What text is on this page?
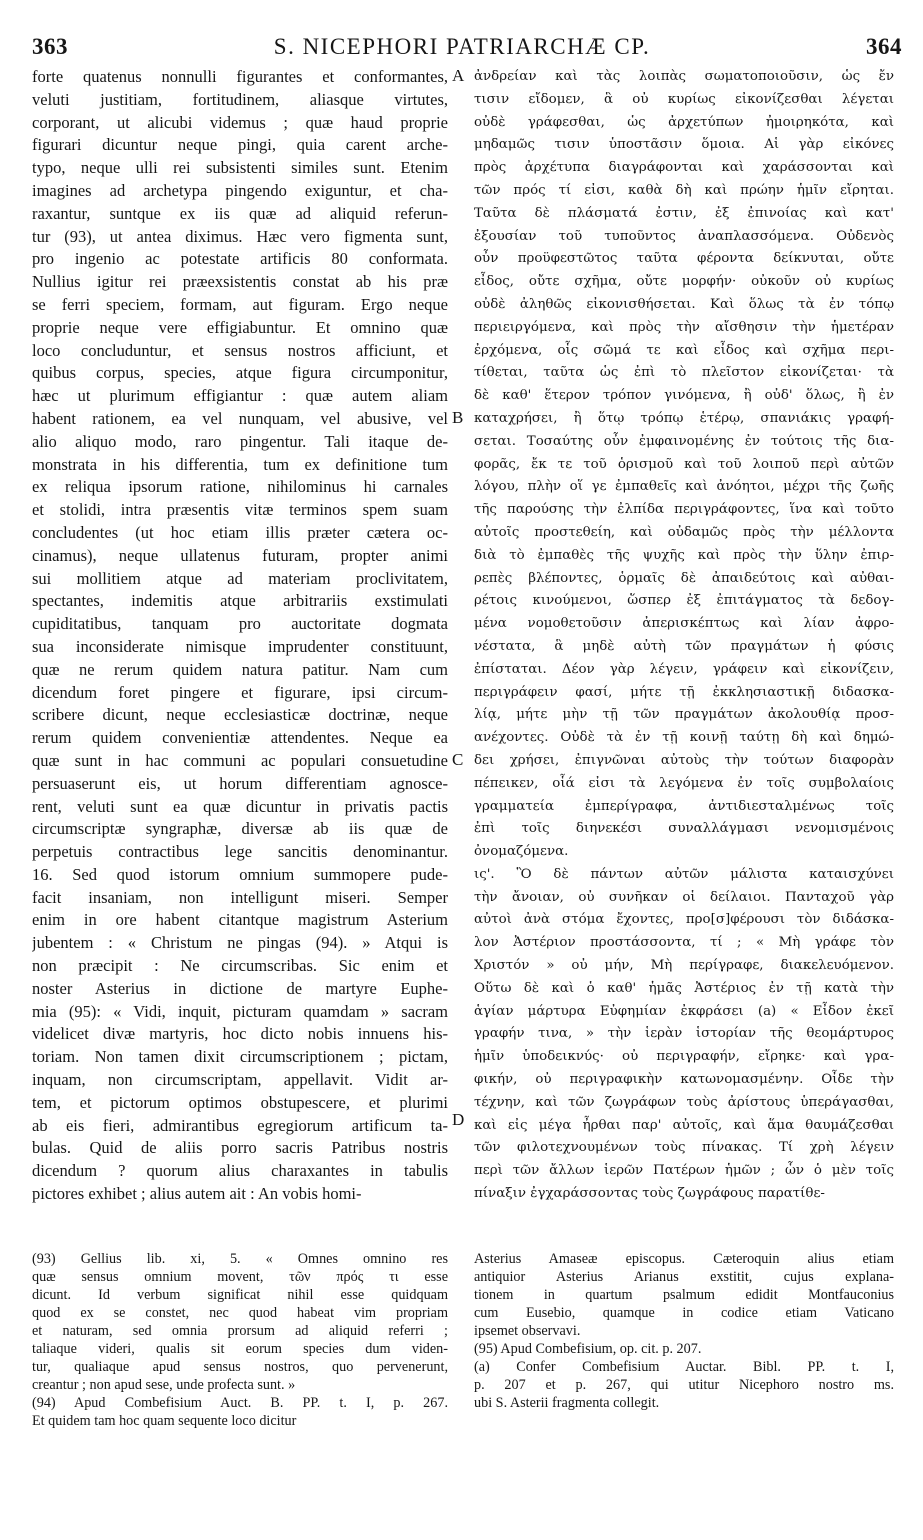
363	S. NICEPHORI PATRIARCHÆ CP.	364
forte quatenus nonnulli figurantes et conformantes,
veluti justitiam, fortitudinem, aliasque virtutes,
corporant, ut alicubi videmus ; quæ haud proprie
figurari dicuntur neque pingi, quia carent arche-
typo, neque ulli rei subsistenti similes sunt. Etenim
imagines ad archetypa pingendo exiguntur, et cha-
raxantur, suntque ex iis quæ ad aliquid referun-
tur (93), ut antea diximus. Hæc vero figmenta sunt,
pro ingenio ac potestate artificis 80 conformata.
Nullius igitur rei præexsistentis constat ab his præ
se ferri speciem, formam, aut figuram. Ergo neque
proprie neque vere effigiabuntur. Et omnino quæ
loco concluduntur, et sensus nostros afficiunt, et
quibus corpus, species, atque figura circumponitur,
hæc ut plurimum effigiantur : quæ autem aliam
habent rationem, ea vel nunquam, vel abusive, vel
alio aliquo modo, raro pingentur. Tali itaque de-
monstrata in his differentia, tum ex definitione tum
ex reliqua ipsorum ratione, nihilominus hi carnales
et stolidi, intra præsentis vitæ terminos spem suam
concludentes (ut hoc etiam illis præter cætera oc-
cinamus), neque ullatenus futuram, propter animi
sui mollitiem atque ad materiam proclivitatem,
spectantes, indemitis atque arbitrariis exstimulati
cupiditatibus, tanquam pro auctoritate dogmata
sua inconsiderate nimisque imprudenter constituunt,
quæ ne rerum quidem natura patitur. Nam cum
dicendum foret pingere et figurare, ipsi circum-
scribere dicunt, neque ecclesiasticæ doctrinæ, neque
rerum quidem convenientiæ attendentes. Neque ea
quæ sunt in hac communi ac populari consuetudine
persuaserunt eis, ut horum differentiam agnosce-
rent, veluti sunt ea quæ dicuntur in privatis pactis
circumscriptæ syngraphæ, diversæ ab iis quæ de
perpetuis contractibus lege sancitis denominantur.
16. Sed quod istorum omnium summopere pude-
facit insaniam, non intelligunt miseri. Semper
enim in ore habent citantque magistrum Asterium
jubentem : « Christum ne pingas (94). » Atqui is
non præcipit : Ne circumscribas. Sic enim et
noster Asterius in dictione de martyre Euphe-
mia (95): « Vidi, inquit, picturam quamdam » sacram
videlicet divæ martyris, hoc dicto nobis innuens his-
toriam. Non tamen dixit circumscriptionem ; pictam,
inquam, non circumscriptam, appellavit. Vidit ar-
tem, et pictorum optimos obstupescere, et plurimi
ab eis fieri, admirantibus egregiorum artificum ta-
bulas. Quid de aliis porro sacris Patribus nostris
dicendum ? quorum alius charaxantes in tabulis
pictores exhibet ; alius autem ait : An vobis homi-
ἀνδρείαν καὶ τὰς λοιπὰς σωματοποιοῦσιν, ὡς ἔν
τισιν εἴδομεν, ἃ οὐ κυρίως εἰκονίζεσθαι λέγεται
οὐδὲ γράφεσθαι, ὡς ἀρχετύπων ἠμοιρηκότα, καὶ
μηδαμῶς τισιν ὑποστᾶσιν ὅμοια. Αἱ γὰρ εἰκόνες
πρὸς ἀρχέτυπα διαγράφονται καὶ χαράσσονται καὶ
τῶν πρός τί εἰσι, καθὰ δὴ καὶ πρώην ἡμῖν εἴρηται.
Ταῦτα δὲ πλάσματά ἐστιν, ἐξ ἐπινοίας καὶ κατ'
ἐξουσίαν τοῦ τυποῦντος ἀναπλασσόμενα. Οὐδενὸς
οὖν προϋφεστῶτος ταῦτα φέροντα δείκνυται, οὔτε
εἶδος, οὔτε σχῆμα, οὔτε μορφήν· οὐκοῦν οὐ κυρίως
οὐδὲ ἀληθῶς εἰκονισθήσεται. Καὶ ὅλως τὰ ἐν τόπῳ
περιειργόμενα, καὶ πρὸς τὴν αἴσθησιν τὴν ἡμετέραν
ἐρχόμενα, οἷς σῶμά τε καὶ εἶδος καὶ σχῆμα περι-
τίθεται, ταῦτα ὡς ἐπὶ τὸ πλεῖστον εἰκονίζεται· τὰ
δὲ καθ' ἕτερον τρόπον γινόμενα, ἢ οὐδ' ὅλως, ἢ ἐν
καταχρήσει, ἢ ὅτῳ τρόπῳ ἑτέρῳ, σπανιάκις γραφή-
σεται. Τοσαύτης οὖν ἐμφαινομένης ἐν τούτοις τῆς δια-
φορᾶς, ἔκ τε τοῦ ὁρισμοῦ καὶ τοῦ λοιποῦ περὶ αὐτῶν
λόγου, πλὴν οἵ γε ἐμπαθεῖς καὶ ἀνόητοι, μέχρι τῆς ζωῆς
τῆς παρούσης τὴν ἐλπίδα περιγράφοντες, ἵνα καὶ τοῦτο
αὐτοῖς προστεθείη, καὶ οὐδαμῶς πρὸς τὴν μέλλοντα
διὰ τὸ ἐμπαθὲς τῆς ψυχῆς καὶ πρὸς τὴν ὕλην ἐπιρ-
ρεπὲς βλέποντες, ὁρμαῖς δὲ ἀπαιδεύτοις καὶ αὐθαι-
ρέτοις κινούμενοι, ὥσπερ ἐξ ἐπιτάγματος τὰ δεδογ-
μένα νομοθετοῦσιν ἀπερισκέπτως καὶ λίαν ἀφρο-
νέστατα, ἃ μηδὲ αὐτὴ τῶν πραγμάτων ἡ φύσις
ἐπίσταται. Δέον γὰρ λέγειν, γράφειν καὶ εἰκονίζειν,
περιγράφειν φασί, μήτε τῇ ἐκκλησιαστικῇ διδασκα-
λίᾳ, μήτε μὴν τῇ τῶν πραγμάτων ἀκολουθίᾳ προσ-
ανέχοντες. Οὐδὲ τὰ ἐν τῇ κοινῇ ταύτῃ δὴ καὶ δημώ-
δει χρήσει, ἐπιγνῶναι αὐτοὺς τὴν τούτων διαφορὰν
πέπεικεν, οἷά εἰσι τὰ λεγόμενα ἐν τοῖς συμβολαίοις
γραμματεία ἐμπερίγραφα, ἀντιδιεσταλμένως τοῖς
ἐπὶ τοῖς διηνεκέσι συναλλάγμασι νενομισμένοις
ὀνομαζόμενα.
ις'. Ὃ δὲ πάντων αὐτῶν μάλιστα καταισχύνει
τὴν ἄνοιαν, οὐ συνῆκαν οἱ δείλαιοι. Πανταχοῦ γὰρ
αὐτοὶ ἀνὰ στόμα ἔχοντες, προ[σ]φέρουσι τὸν διδάσκα-
λον Ἀστέριον προστάσσοντα, τί ; « Μὴ γράφε τὸν
Χριστόν » οὐ μήν, Μὴ περίγραφε, διακελευόμενον.
Οὕτω δὲ καὶ ὁ καθ' ἡμᾶς Ἀστέριος ἐν τῇ κατὰ τὴν
ἁγίαν μάρτυρα Εὐφημίαν ἐκφράσει (a) « Εἶδον ἐκεῖ
γραφήν τινα, » τὴν ἱερὰν ἱστορίαν τῆς θεομάρτυρος
ἡμῖν ὑποδεικνύς· οὐ περιγραφήν, εἴρηκε· καὶ γρα-
φικήν, οὐ περιγραφικὴν κατωνομασμένην. Οἶδε τὴν
τέχνην, καὶ τῶν ζωγράφων τοὺς ἀρίστους ὑπεράγασθαι,
καὶ εἰς μέγα ἦρθαι παρ' αὐτοῖς, καὶ ἅμα θαυμάζεσθαι
τῶν φιλοτεχνουμένων τοὺς πίνακας. Τί χρὴ λέγειν
περὶ τῶν ἄλλων ἱερῶν Πατέρων ἡμῶν ; ὧν ὁ μὲν τοῖς
πίναξιν ἐγχαράσσοντας τοὺς ζωγράφους παρατίθε-
A
B
C
D
(93) Gellius lib. xi, 5. « Omnes omnino res
quæ sensus omnium movent, τῶν πρός τι esse
dicunt. Id verbum significat nihil esse quidquam
quod ex se constet, nec quod habeat vim propriam
et naturam, sed omnia prorsum ad aliquid referri ;
taliaque videri, qualis sit eorum species dum viden-
tur, qualiaque apud sensus nostros, quo pervenerunt,
creantur ; non apud sese, unde profecta sunt. »
(94) Apud Combefisium Auct. B. PP. t. I, p. 267.
Et quidem tam hoc quam sequente loco dicitur
Asterius Amaseæ episcopus. Cæteroquin alius etiam
antiquior Asterius Arianus exstitit, cujus explana-
tionem in quartum psalmum edidit Montfauconius
cum Eusebio, quamque in codice etiam Vaticano
ipsemet observavi.
(95) Apud Combefisium, op. cit. p. 207.
(a) Confer Combefisium Auctar. Bibl. PP. t. I,
p. 207 et p. 267, qui utitur Nicephoro nostro ms.
ubi S. Asterii fragmenta collegit.
